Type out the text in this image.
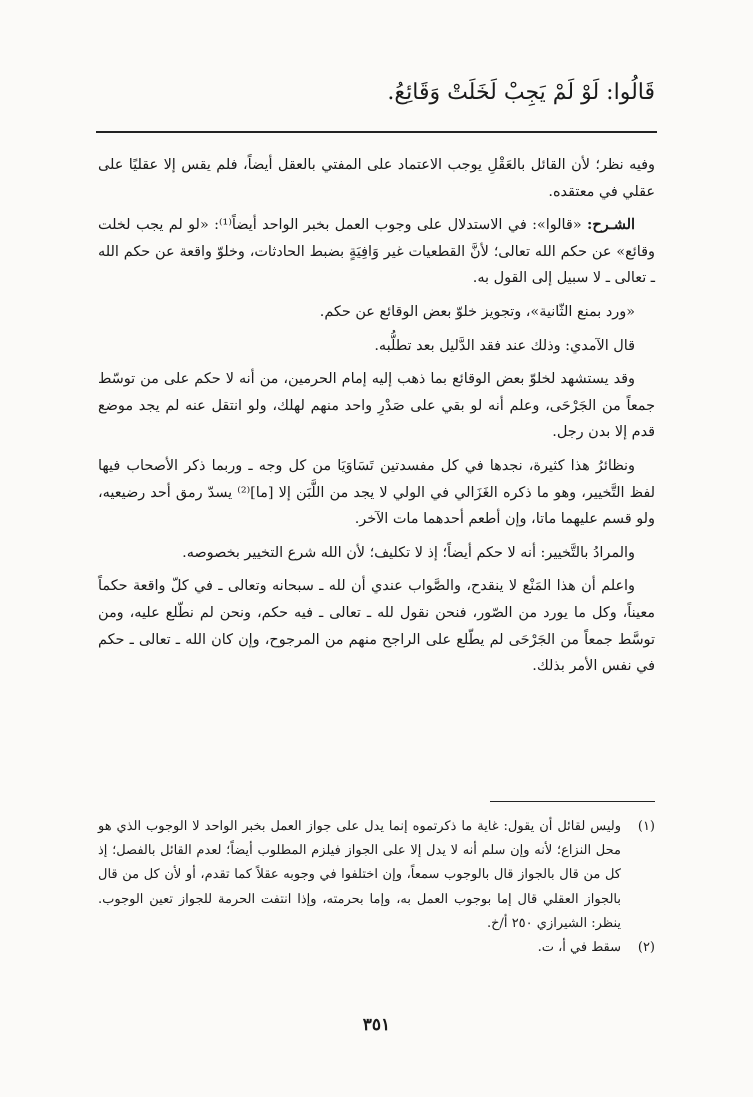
قَالُوا: لَوْ لَمْ يَجِبْ لَخَلَتْ وَقَائِعُ.

وفيه نظر؛ لأن القائل بالعَقْلِ يوجب الاعتماد على المفتي بالعقل أيضاً، فلم يقس إلا عقليًا على عقلي في معتقده.

الشـرح: «قالوا»: في الاستدلال على وجوب العمل بخبر الواحد أيضاً⁽¹⁾: «لو لم يجب لخلت وقائع» عن حكم الله تعالى؛ لأنَّ القطعيات غير وَافِيَةٍ بضبط الحادثات، وخلوّ واقعة عن حكم الله ـ تعالى ـ لا سبيل إلى القول به.

«ورد بمنع الثّانية»، وتجويز خلوّ بعض الوقائع عن حكم.

قال الآمدي: وذلك عند فقد الدَّليل بعد تطلُّبه.

وقد يستشهد لخلوّ بعض الوقائع بما ذهب إليه إمام الحرمين، من أنه لا حكم على من توسّط جمعاً من الجَرْحَى، وعلم أنه لو بقي على صَدْرِ واحد منهم لهلك، ولو انتقل عنه لم يجد موضع قدم إلا بدن رجل.

ونظائرُ هذا كثيرة، نجدها في كل مفسدتين تَسَاوَيَا من كل وجه ـ وربما ذكر الأصحاب فيها لفظ التَّخيير، وهو ما ذكره الغَزَالي في الولي لا يجد من اللَّبَن إلا [ما]⁽²⁾ يسدّ رمق أحد رضيعيه، ولو قسم عليهما ماتا، وإن أطعم أحدهما مات الآخر.

والمرادُ بالتَّخيير: أنه لا حكم أيضاً؛ إذ لا تكليف؛ لأن الله شرع التخيير بخصوصه.

واعلم أن هذا المَنْع لا ينقدح، والصَّواب عندي أن لله ـ سبحانه وتعالى ـ في كلّ واقعة حكماً معيناً، وكل ما يورد من الصّور، فنحن نقول لله ـ تعالى ـ فيه حكم، ونحن لم نطّلع عليه، ومن توسَّط جمعاً من الجَرْحَى لم يطّلع على الراجح منهم من المرجوح، وإن كان الله ـ تعالى ـ حكم في نفس الأمر بذلك.

(١)
وليس لقائل أن يقول: غاية ما ذكرتموه إنما يدل على جواز العمل بخبر الواحد لا الوجوب الذي هو محل النزاع؛ لأنه وإن سلم أنه لا يدل إلا على الجواز فيلزم المطلوب أيضاً؛ لعدم القائل بالفصل؛ إذ كل من قال بالجواز قال بالوجوب سمعاً، وإن اختلفوا في وجوبه عقلاً كما تقدم، أو لأن كل من قال بالجواز العقلي قال إما بوجوب العمل به، وإما بحرمته، وإذا انتفت الحرمة للجواز تعين الوجوب. ينظر: الشيرازي ٢٥٠ أ/خ.
(٢)
سقط في أ، ت.
٣٥١
